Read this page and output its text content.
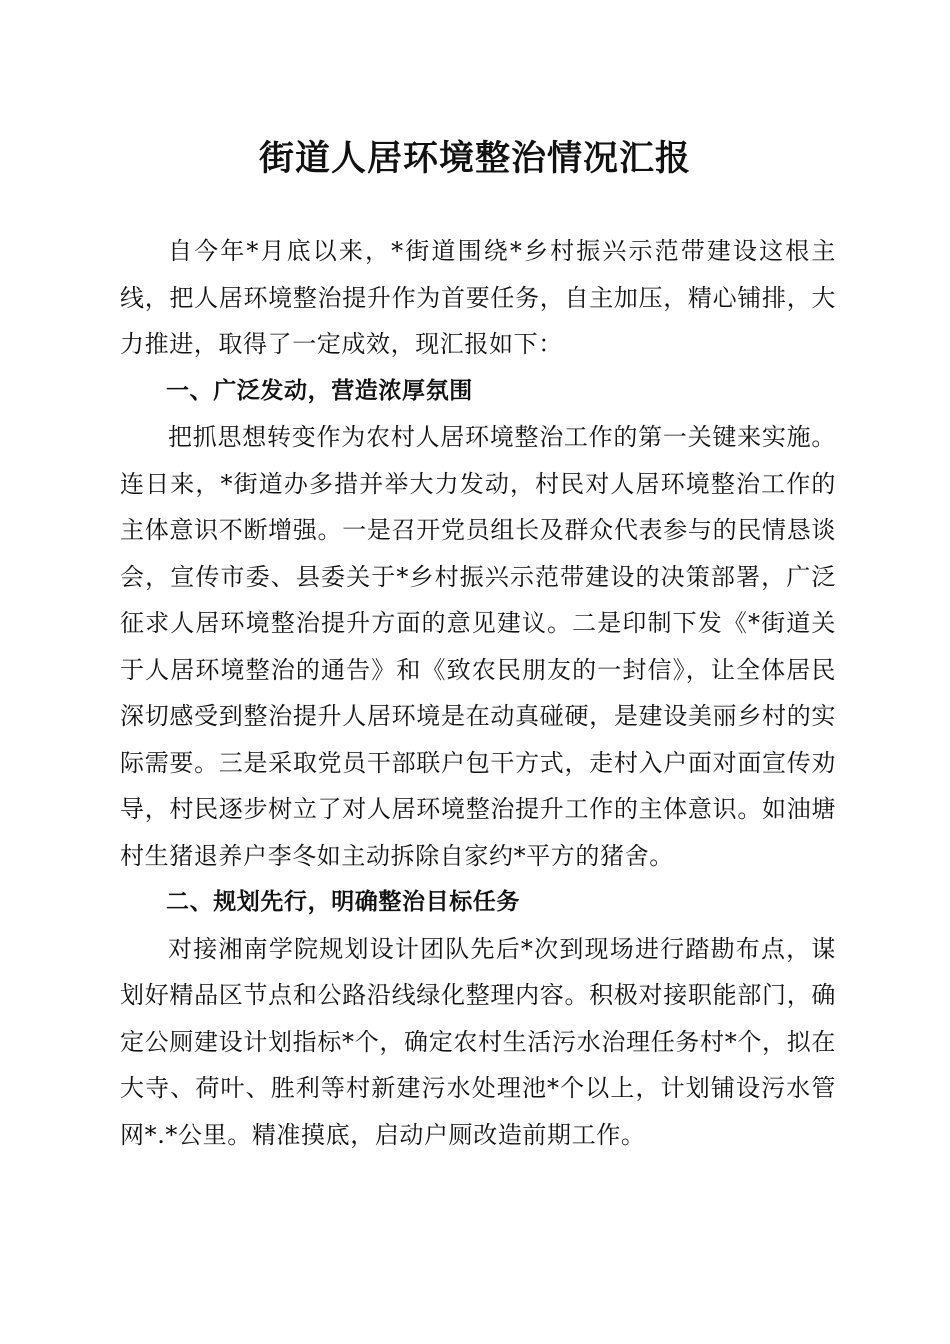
街道人居环境整治情况汇报

自今年*月底以来，*街道围绕*乡村振兴示范带建设这根主线，把人居环境整治提升作为首要任务，自主加压，精心铺排，大力推进，取得了一定成效，现汇报如下：

一、广泛发动，营造浓厚氛围

把抓思想转变作为农村人居环境整治工作的第一关键来实施。连日来，*街道办多措并举大力发动，村民对人居环境整治工作的主体意识不断增强。一是召开党员组长及群众代表参与的民情恳谈会，宣传市委、县委关于*乡村振兴示范带建设的决策部署，广泛征求人居环境整治提升方面的意见建议。二是印制下发《*街道关于人居环境整治的通告》和《致农民朋友的一封信》，让全体居民深切感受到整治提升人居环境是在动真碰硬，是建设美丽乡村的实际需要。三是采取党员干部联户包干方式，走村入户面对面宣传劝导，村民逐步树立了对人居环境整治提升工作的主体意识。如油塘村生猪退养户李冬如主动拆除自家约*平方的猪舍。

二、规划先行，明确整治目标任务

对接湘南学院规划设计团队先后*次到现场进行踏勘布点，谋划好精品区节点和公路沿线绿化整理内容。积极对接职能部门，确定公厕建设计划指标*个，确定农村生活污水治理任务村*个，拟在大寺、荷叶、胜利等村新建污水处理池*个以上，计划铺设污水管网*.*公里。精准摸底，启动户厕改造前期工作。
